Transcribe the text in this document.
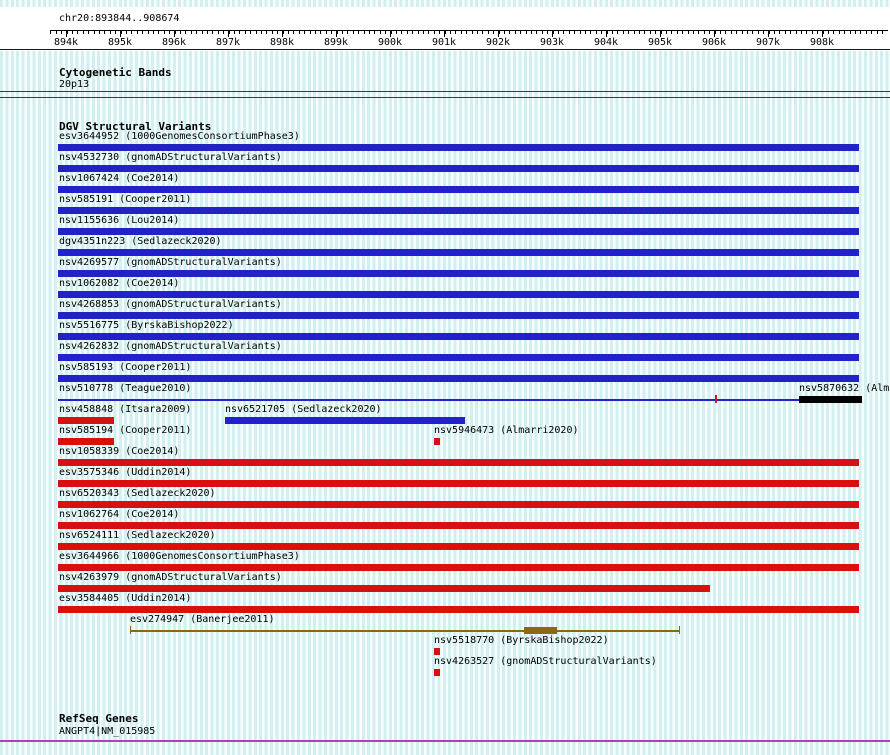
chr20:893844..908674
894k	895k	896k	897k	898k	899k	900k	901k	902k	903k	904k	905k	906k	907k	908k
Cytogenetic Bands
20p13
DGV Structural Variants
esv3644952 (1000GenomesConsortiumPhase3)
nsv4532730 (gnomADStructuralVariants)
nsv1067424 (Coe2014)
nsv585191 (Cooper2011)
nsv1155636 (Lou2014)
dgv4351n223 (Sedlazeck2020)
nsv4269577 (gnomADStructuralVariants)
nsv1062082 (Coe2014)
nsv4268853 (gnomADStructuralVariants)
nsv5516775 (ByrskaBishop2022)
nsv4262832 (gnomADStructuralVariants)
nsv585193 (Cooper2011)
nsv510778 (Teague2010)	nsv5870632 (Alm
nsv458848 (Itsara2009)	nsv6521705 (Sedlazeck2020)
nsv585194 (Cooper2011)	nsv5946473 (Almarri2020)
nsv1058339 (Coe2014)
esv3575346 (Uddin2014)
nsv6520343 (Sedlazeck2020)
nsv1062764 (Coe2014)
nsv6524111 (Sedlazeck2020)
esv3644966 (1000GenomesConsortiumPhase3)
nsv4263979 (gnomADStructuralVariants)
esv3584405 (Uddin2014)
esv274947 (Banerjee2011)
nsv5518770 (ByrskaBishop2022)
nsv4263527 (gnomADStructuralVariants)
RefSeq Genes
ANGPT4|NM_015985
